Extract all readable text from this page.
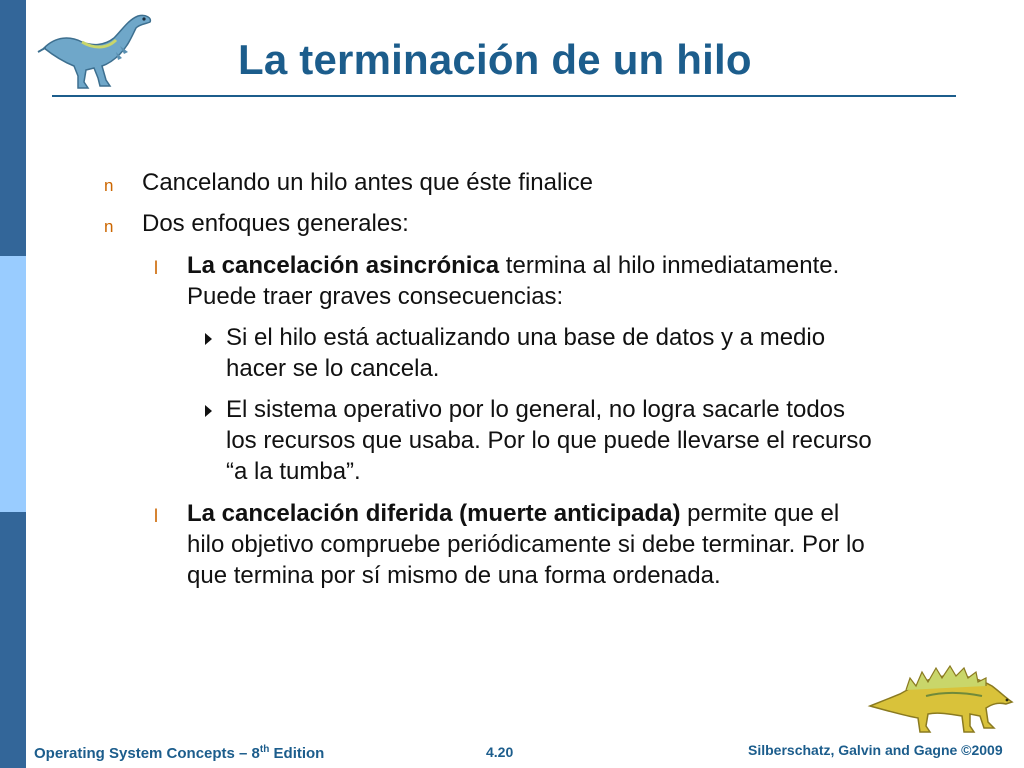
La terminación de un hilo
n Cancelando un hilo antes que éste finalice
n Dos enfoques generales:
l La cancelación asincrónica termina al hilo inmediatamente.
Puede traer graves consecuencias:
Si el hilo está actualizando una base de datos y a medio
hacer se lo cancela.
El sistema operativo por lo general, no logra sacarle todos
los recursos que usaba. Por lo que puede llevarse el recurso
“a la tumba”.
l La cancelación diferida (muerte anticipada) permite que el
hilo objetivo compruebe periódicamente si debe terminar. Por lo
que termina por sí mismo de una forma ordenada.
Operating System Concepts – 8th Edition	4.20	Silberschatz, Galvin and Gagne ©2009
